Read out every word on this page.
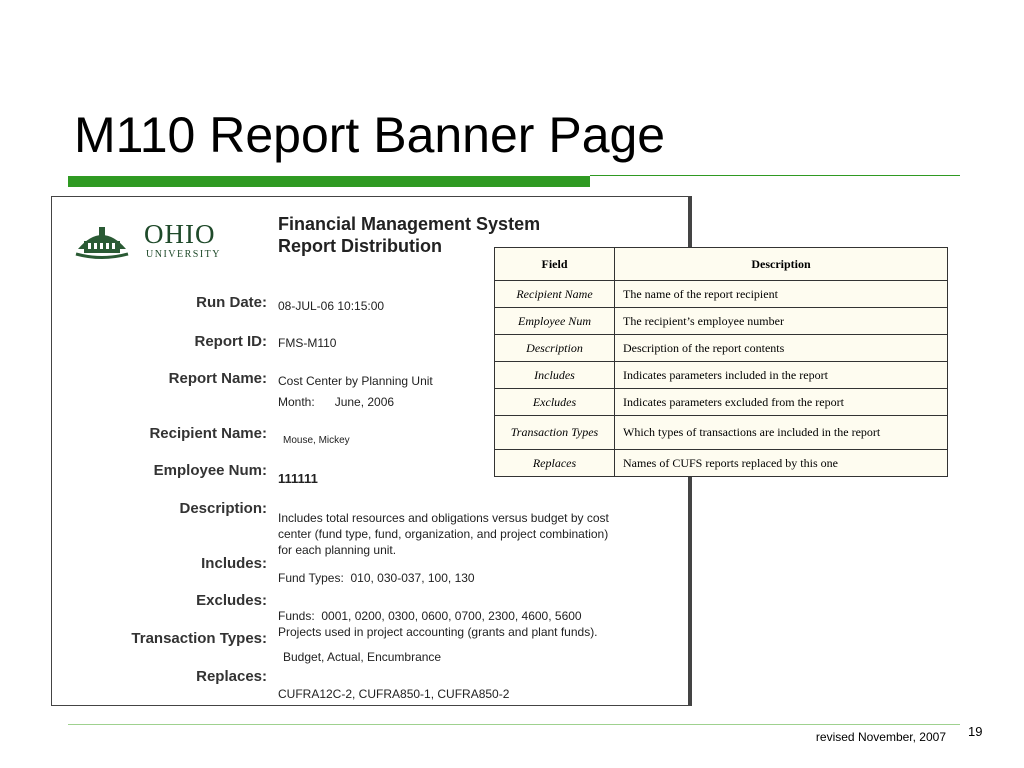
M110 Report Banner Page
OHIO
UNIVERSITY
Financial Management System
Report Distribution
Run Date: 08-JUL-06 10:15:00
Report ID: FMS-M110
Report Name: Cost Center by Planning Unit
Month:      June, 2006
Recipient Name: Mouse, Mickey
Employee Num: 111111
Description:
Includes total resources and obligations versus budget by cost
center (fund type, fund, organization, and project combination)
for each planning unit.
Includes:
Fund Types:  010, 030-037, 100, 130
Excludes:
Funds:  0001, 0200, 0300, 0600, 0700, 2300, 4600, 5600
Projects used in project accounting (grants and plant funds).
Transaction Types:
Budget, Actual, Encumbrance
Replaces:
CUFRA12C-2, CUFRA850-1, CUFRA850-2
Field	Description
Recipient Name	The name of the report recipient
Employee Num	The recipient’s employee number
Description	Description of the report contents
Includes	Indicates parameters included in the report
Excludes	Indicates parameters excluded from the report
Transaction Types	Which types of transactions are included in the report
Replaces	Names of CUFS reports replaced by this one
revised November, 2007 19
